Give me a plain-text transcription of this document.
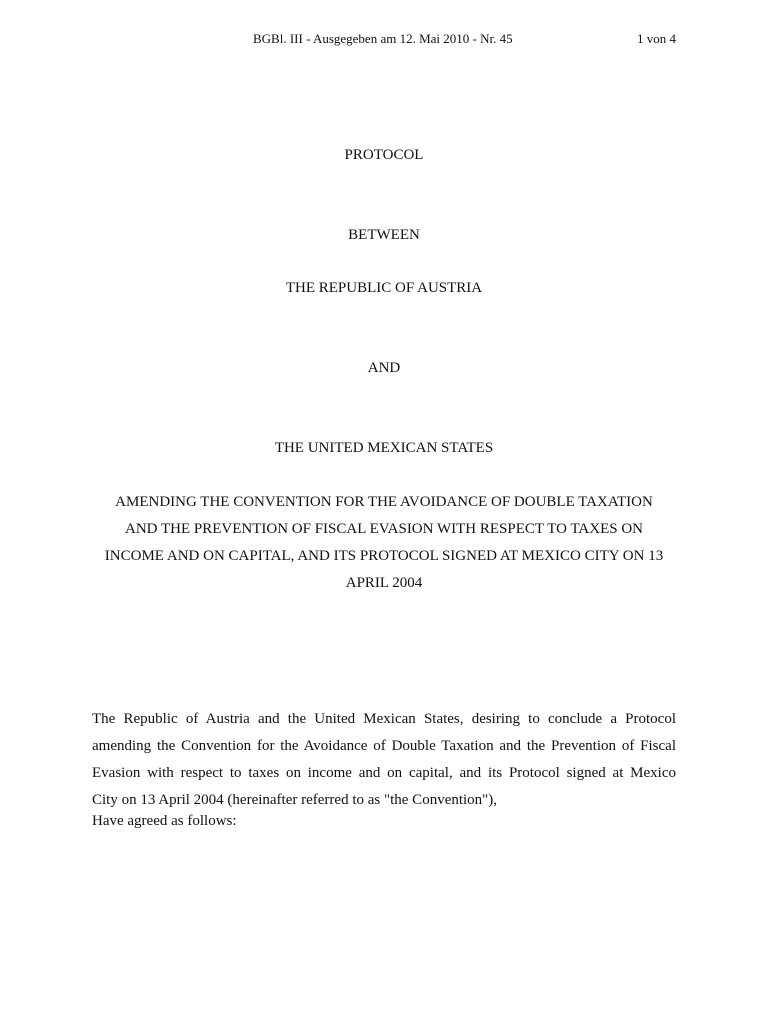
BGBl. III - Ausgegeben am 12. Mai 2010 - Nr. 45	1 von 4
PROTOCOL
BETWEEN
THE REPUBLIC OF AUSTRIA
AND
THE UNITED MEXICAN STATES
AMENDING THE CONVENTION FOR THE AVOIDANCE OF DOUBLE TAXATION
AND THE PREVENTION OF FISCAL EVASION WITH RESPECT TO TAXES ON
INCOME AND ON CAPITAL, AND ITS PROTOCOL SIGNED AT MEXICO CITY ON 13
APRIL 2004
The Republic of Austria and the United Mexican States, desiring to conclude a Protocol
amending the Convention for the Avoidance of Double Taxation and the Prevention of Fiscal
Evasion with respect to taxes on income and on capital, and its Protocol signed at Mexico
City on 13 April 2004 (hereinafter referred to as "the Convention"),
Have agreed as follows:
